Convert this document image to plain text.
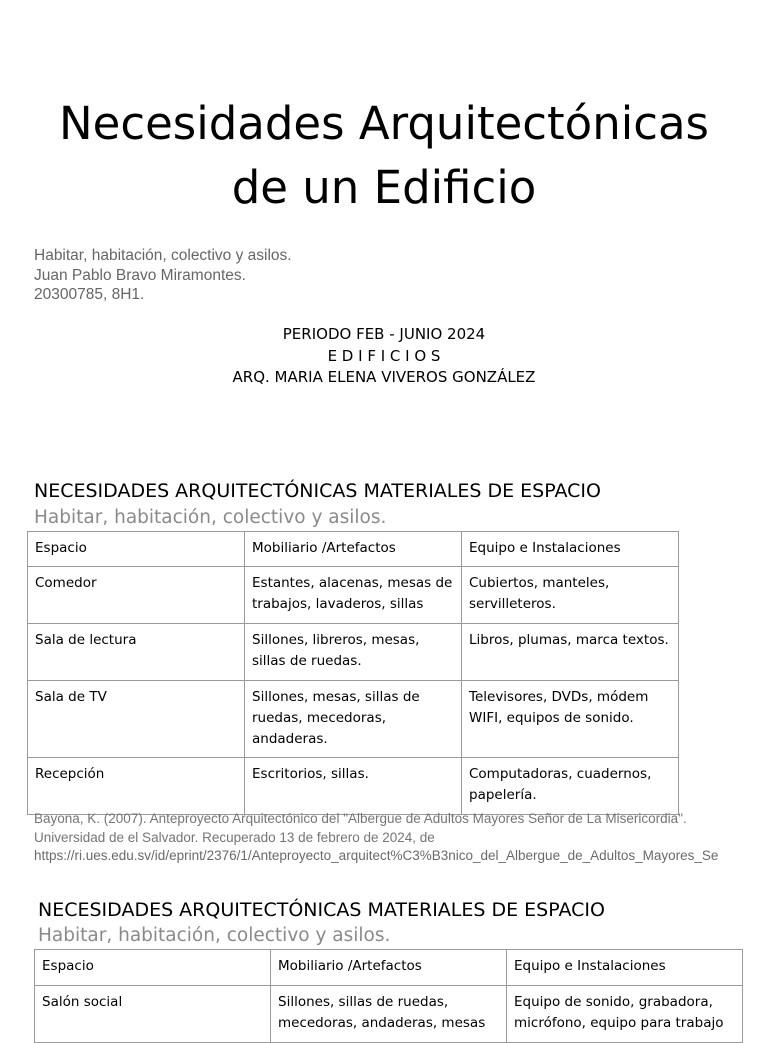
Necesidades Arquitectónicas
de un Edificio
Habitar, habitación, colectivo y asilos.
Juan Pablo Bravo Miramontes.
20300785, 8H1.
PERIODO FEB - JUNIO 2024
E D I F I C I O S
ARQ. MARIA ELENA VIVEROS GONZÁLEZ
NECESIDADES ARQUITECTÓNICAS MATERIALES DE ESPACIO
Habitar, habitación, colectivo y asilos.
Espacio	Mobiliario /Artefactos	Equipo e Instalaciones
Comedor	Estantes, alacenas, mesas de trabajos, lavaderos, sillas	Cubiertos, manteles, servilleteros.
Sala de lectura	Sillones, libreros, mesas, sillas de ruedas.	Libros, plumas, marca textos.
Sala de TV	Sillones, mesas, sillas de ruedas, mecedoras, andaderas.	Televisores, DVDs, módem WIFI, equipos de sonido.
Recepción	Escritorios, sillas.	Computadoras, cuadernos, papelería.
Bayona, K. (2007). Anteproyecto Arquitectónico del "Albergue de Adultos Mayores Señor de La Misericordia".
Universidad de el Salvador. Recuperado 13 de febrero de 2024, de
https://ri.ues.edu.sv/id/eprint/2376/1/Anteproyecto_arquitect%C3%B3nico_del_Albergue_de_Adultos_Mayores_Se
NECESIDADES ARQUITECTÓNICAS MATERIALES DE ESPACIO
Habitar, habitación, colectivo y asilos.
Espacio	Mobiliario /Artefactos	Equipo e Instalaciones
Salón social	Sillones, sillas de ruedas, mecedoras, andaderas, mesas	Equipo de sonido, grabadora, micrófono, equipo para trabajo
